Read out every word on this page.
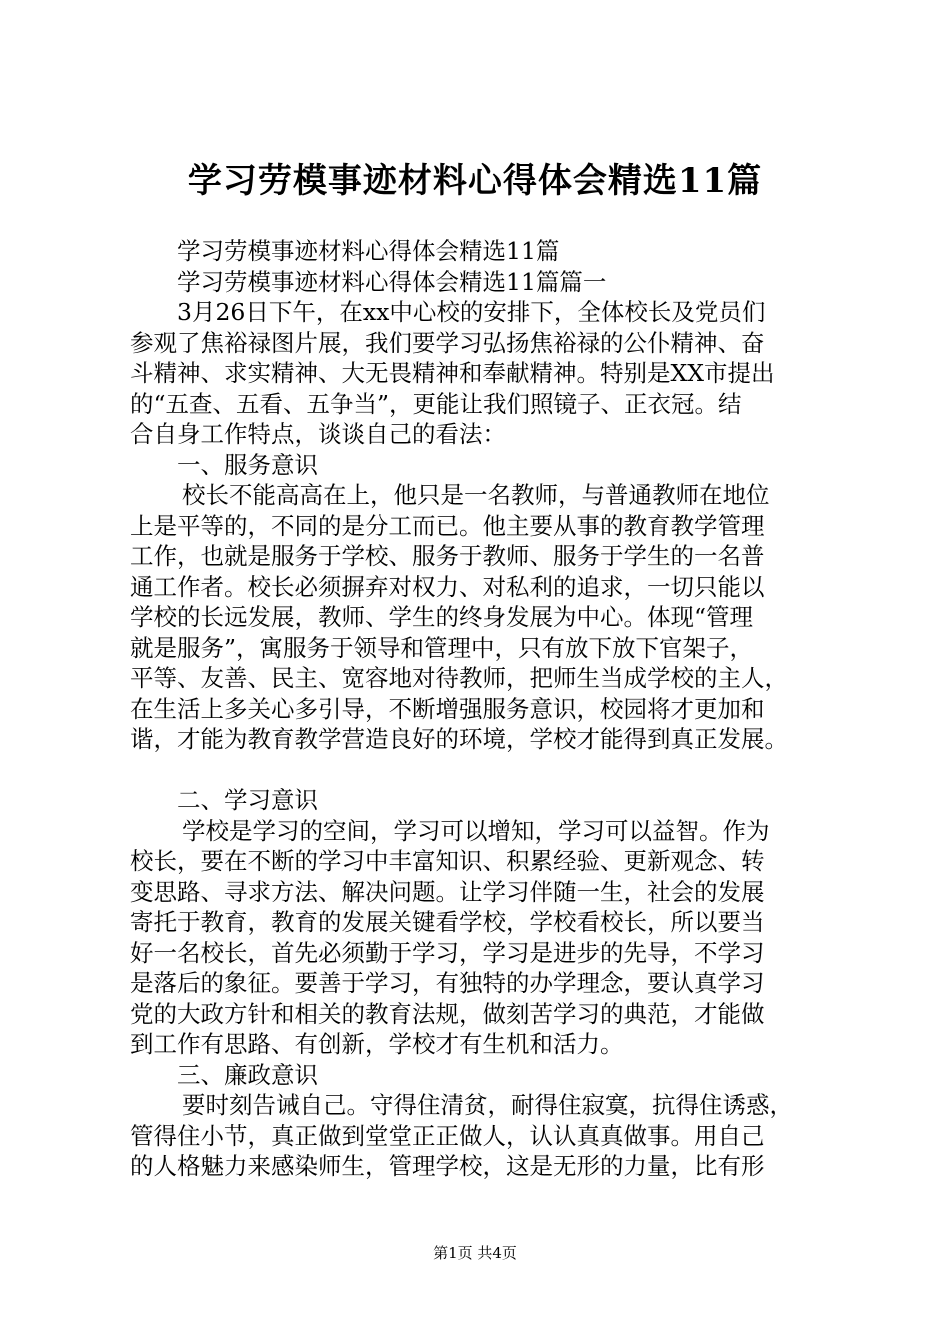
学习劳模事迹材料心得体会精选11篇
学习劳模事迹材料心得体会精选11篇
学习劳模事迹材料心得体会精选11篇篇一
3月26日下午，在xx中心校的安排下，全体校长及党员们
参观了焦裕禄图片展，我们要学习弘扬焦裕禄的公仆精神、奋
斗精神、求实精神、大无畏精神和奉献精神。特别是XX市提出
的“五查、五看、五争当”，更能让我们照镜子、正衣冠。结
合自身工作特点，谈谈自己的看法：
一、服务意识
校长不能高高在上，他只是一名教师，与普通教师在地位
上是平等的，不同的是分工而已。他主要从事的教育教学管理
工作，也就是服务于学校、服务于教师、服务于学生的一名普
通工作者。校长必须摒弃对权力、对私利的追求，一切只能以
学校的长远发展，教师、学生的终身发展为中心。体现“管理
就是服务”，寓服务于领导和管理中，只有放下放下官架子，
平等、友善、民主、宽容地对待教师，把师生当成学校的主人，
在生活上多关心多引导，不断增强服务意识，校园将才更加和
谐，才能为教育教学营造良好的环境，学校才能得到真正发展。
二、学习意识
学校是学习的空间，学习可以增知，学习可以益智。作为
校长，要在不断的学习中丰富知识、积累经验、更新观念、转
变思路、寻求方法、解决问题。让学习伴随一生，社会的发展
寄托于教育，教育的发展关键看学校，学校看校长，所以要当
好一名校长，首先必须勤于学习，学习是进步的先导，不学习
是落后的象征。要善于学习，有独特的办学理念，要认真学习
党的大政方针和相关的教育法规，做刻苦学习的典范，才能做
到工作有思路、有创新，学校才有生机和活力。
三、廉政意识
要时刻告诫自己。守得住清贫，耐得住寂寞，抗得住诱惑，
管得住小节，真正做到堂堂正正做人，认认真真做事。用自己
的人格魅力来感染师生，管理学校，这是无形的力量，比有形
第1页 共4页
